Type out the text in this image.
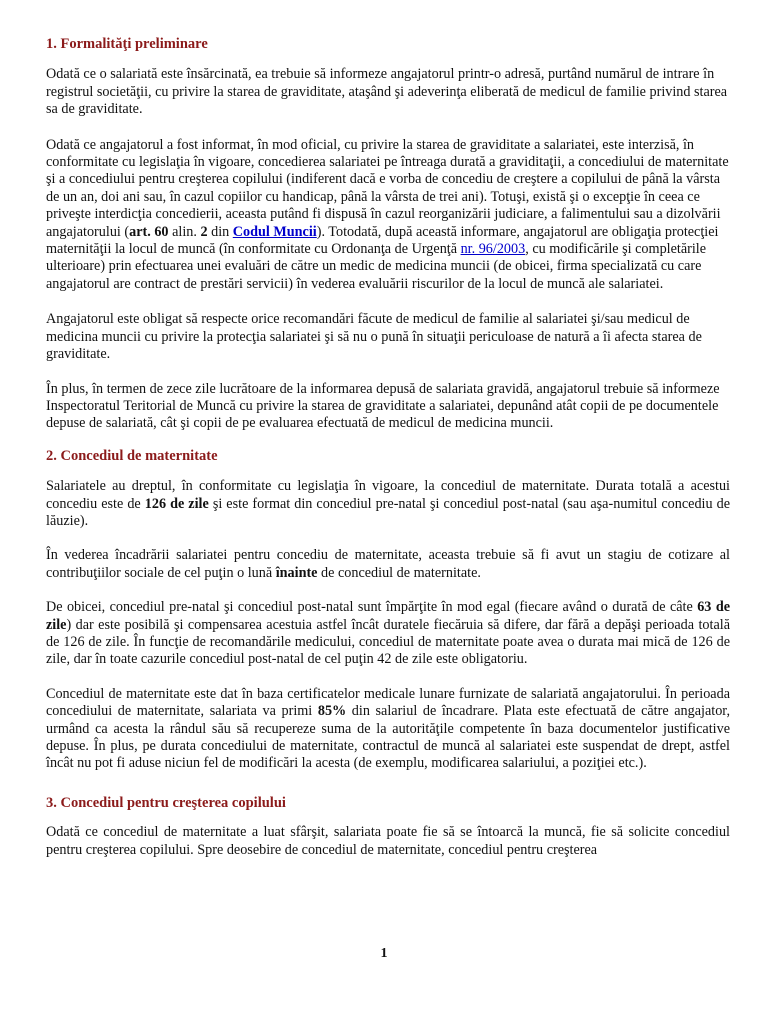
1. Formalităţi preliminare

Odată ce o salariată este însărcinată, ea trebuie să informeze angajatorul printr-o adresă, purtând numărul de intrare în registrul societăţii, cu privire la starea de graviditate, ataşând şi adeverinţa eliberată de medicul de familie privind starea sa de graviditate.

Odată ce angajatorul a fost informat, în mod oficial, cu privire la starea de graviditate a salariatei, este interzisă, în conformitate cu legislaţia în vigoare, concedierea salariatei pe întreaga durată a graviditaţii, a concediului de maternitate şi a concediului pentru creşterea copilului (indiferent dacă e vorba de concediu de creştere a copilului de până la vârsta de un an, doi ani sau, în cazul copiilor cu handicap, până la vârsta de trei ani). Totuşi, există şi o excepţie în ceea ce priveşte interdicţia concedierii, aceasta putând fi dispusă în cazul reorganizării judiciare, a falimentului sau a dizolvării angajatorului (art. 60 alin. 2 din Codul Muncii). Totodată, după această informare, angajatorul are obligaţia protecţiei maternităţii la locul de muncă (în conformitate cu Ordonanţa de Urgenţă nr. 96/2003, cu modificările şi completările ulterioare) prin efectuarea unei evaluări de către un medic de medicina muncii (de obicei, firma specializată cu care angajatorul are contract de prestări servicii) în vederea evaluării riscurilor de la locul de muncă ale salariatei.

Angajatorul este obligat să respecte orice recomandări făcute de medicul de familie al salariatei şi/sau medicul de medicina muncii cu privire la protecţia salariatei şi să nu o pună în situaţii periculoase de natură a îi afecta starea de graviditate.

În plus, în termen de zece zile lucrătoare de la informarea depusă de salariata gravidă, angajatorul trebuie să informeze Inspectoratul Teritorial de Muncă cu privire la starea de graviditate a salariatei, depunând atât copii de pe documentele depuse de salariată, cât şi copii de pe evaluarea efectuată de medicul de medicina muncii.

2. Concediul de maternitate

Salariatele au dreptul, în conformitate cu legislaţia în vigoare, la concediul de maternitate. Durata totală a acestui concediu este de 126 de zile şi este format din concediul pre-natal şi concediul post-natal (sau aşa-numitul concediu de lăuzie).

În vederea încadrării salariatei pentru concediu de maternitate, aceasta trebuie să fi avut un stagiu de cotizare al contribuţiilor sociale de cel puţin o lună înainte de concediul de maternitate.

De obicei, concediul pre-natal şi concediul post-natal sunt împărţite în mod egal (fiecare având o durată de câte 63 de zile) dar este posibilă şi compensarea acestuia astfel încât duratele fiecăruia să difere, dar fără a depăşi perioada totală de 126 de zile. În funcţie de recomandările medicului, concediul de maternitate poate avea o durata mai mică de 126 de zile, dar în toate cazurile concediul post-natal de cel puţin 42 de zile este obligatoriu.

Concediul de maternitate este dat în baza certificatelor medicale lunare furnizate de salariată angajatorului. În perioada concediului de maternitate, salariata va primi 85% din salariul de încadrare. Plata este efectuată de către angajator, urmând ca acesta la rândul său să recupereze suma de la autorităţile competente în baza documentelor justificative depuse. În plus, pe durata concediului de maternitate, contractul de muncă al salariatei este suspendat de drept, astfel încât nu pot fi aduse niciun fel de modificări la acesta (de exemplu, modificarea salariului, a poziţiei etc.).

3. Concediul pentru creşterea copilului

Odată ce concediul de maternitate a luat sfârşit, salariata poate fie să se întoarcă la muncă, fie să solicite concediul pentru creşterea copilului. Spre deosebire de concediul de maternitate, concediul pentru creşterea

1
